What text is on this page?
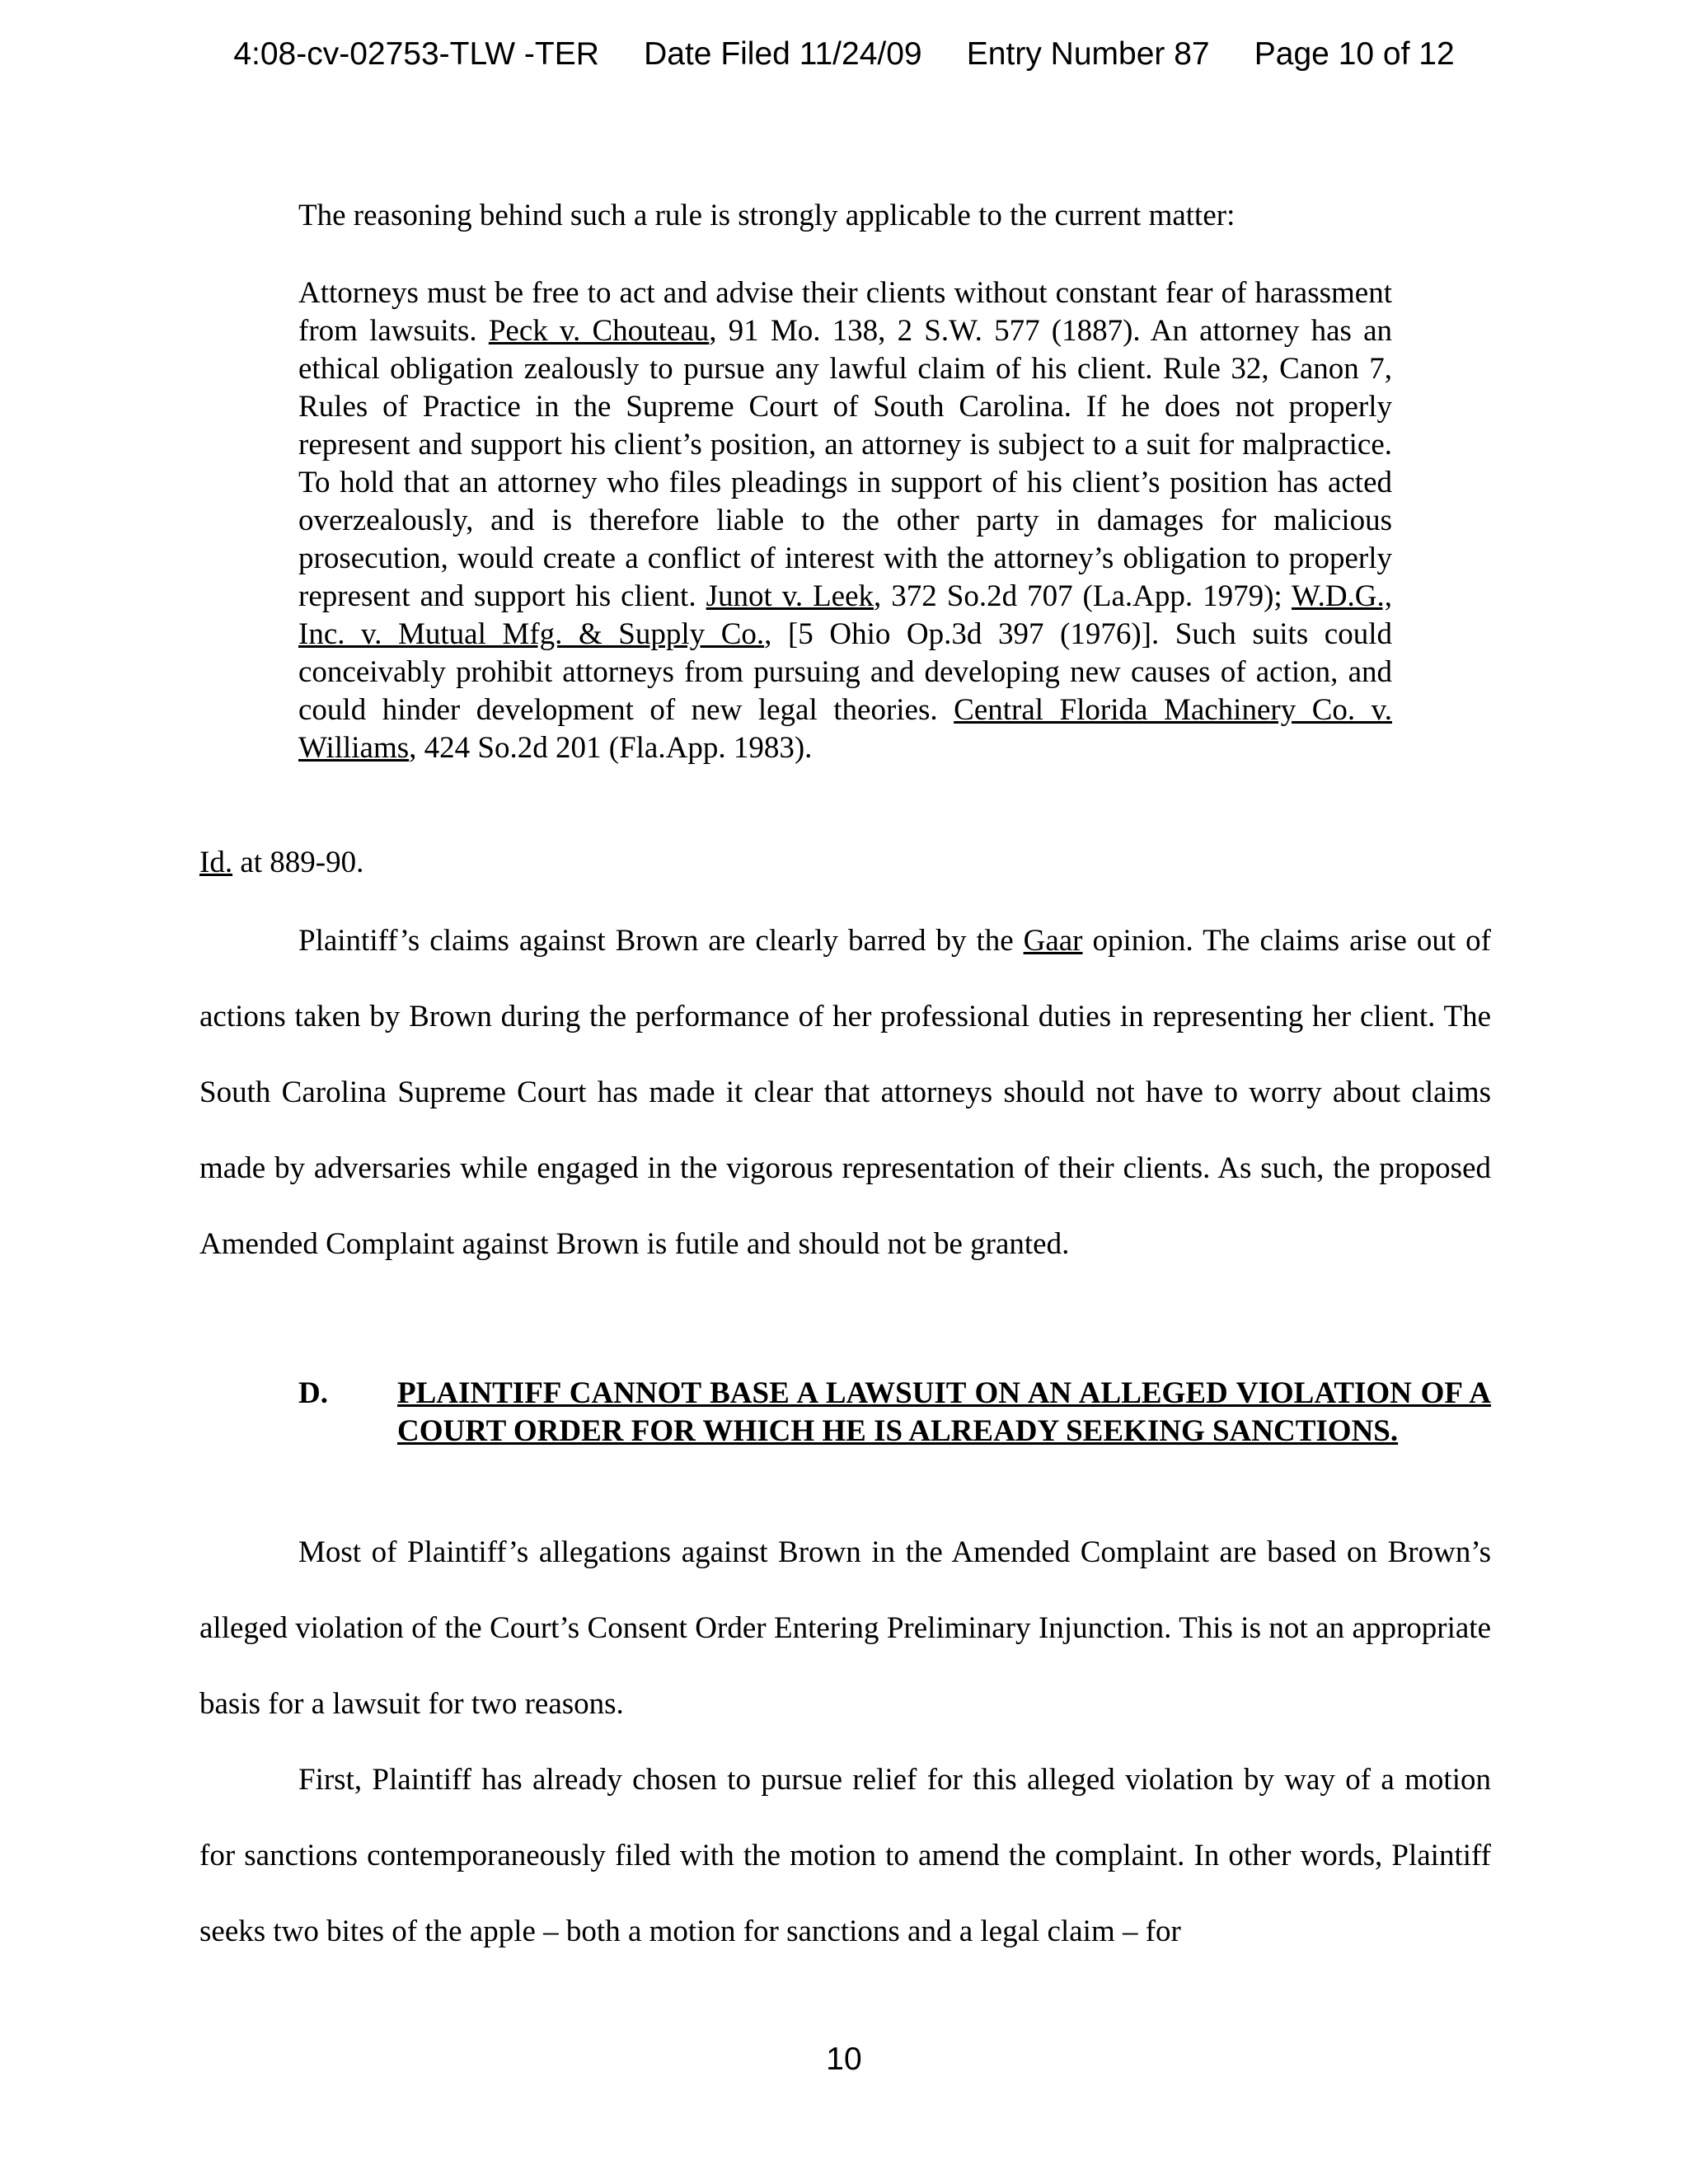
4:08-cv-02753-TLW -TER Date Filed 11/24/09 Entry Number 87 Page 10 of 12

The reasoning behind such a rule is strongly applicable to the current matter:

Attorneys must be free to act and advise their clients without constant fear of harassment from lawsuits. Peck v. Chouteau, 91 Mo. 138, 2 S.W. 577 (1887). An attorney has an ethical obligation zealously to pursue any lawful claim of his client. Rule 32, Canon 7, Rules of Practice in the Supreme Court of South Carolina. If he does not properly represent and support his client’s position, an attorney is subject to a suit for malpractice. To hold that an attorney who files pleadings in support of his client’s position has acted overzealously, and is therefore liable to the other party in damages for malicious prosecution, would create a conflict of interest with the attorney’s obligation to properly represent and support his client. Junot v. Leek, 372 So.2d 707 (La.App. 1979); W.D.G., Inc. v. Mutual Mfg. & Supply Co., [5 Ohio Op.3d 397 (1976)]. Such suits could conceivably prohibit attorneys from pursuing and developing new causes of action, and could hinder development of new legal theories. Central Florida Machinery Co. v. Williams, 424 So.2d 201 (Fla.App. 1983).

Id. at 889-90.

Plaintiff’s claims against Brown are clearly barred by the Gaar opinion. The claims arise out of actions taken by Brown during the performance of her professional duties in representing her client. The South Carolina Supreme Court has made it clear that attorneys should not have to worry about claims made by adversaries while engaged in the vigorous representation of their clients. As such, the proposed Amended Complaint against Brown is futile and should not be granted.

D. PLAINTIFF CANNOT BASE A LAWSUIT ON AN ALLEGED VIOLATION OF A COURT ORDER FOR WHICH HE IS ALREADY SEEKING SANCTIONS.

Most of Plaintiff’s allegations against Brown in the Amended Complaint are based on Brown’s alleged violation of the Court’s Consent Order Entering Preliminary Injunction. This is not an appropriate basis for a lawsuit for two reasons.

First, Plaintiff has already chosen to pursue relief for this alleged violation by way of a motion for sanctions contemporaneously filed with the motion to amend the complaint. In other words, Plaintiff seeks two bites of the apple – both a motion for sanctions and a legal claim – for

10
